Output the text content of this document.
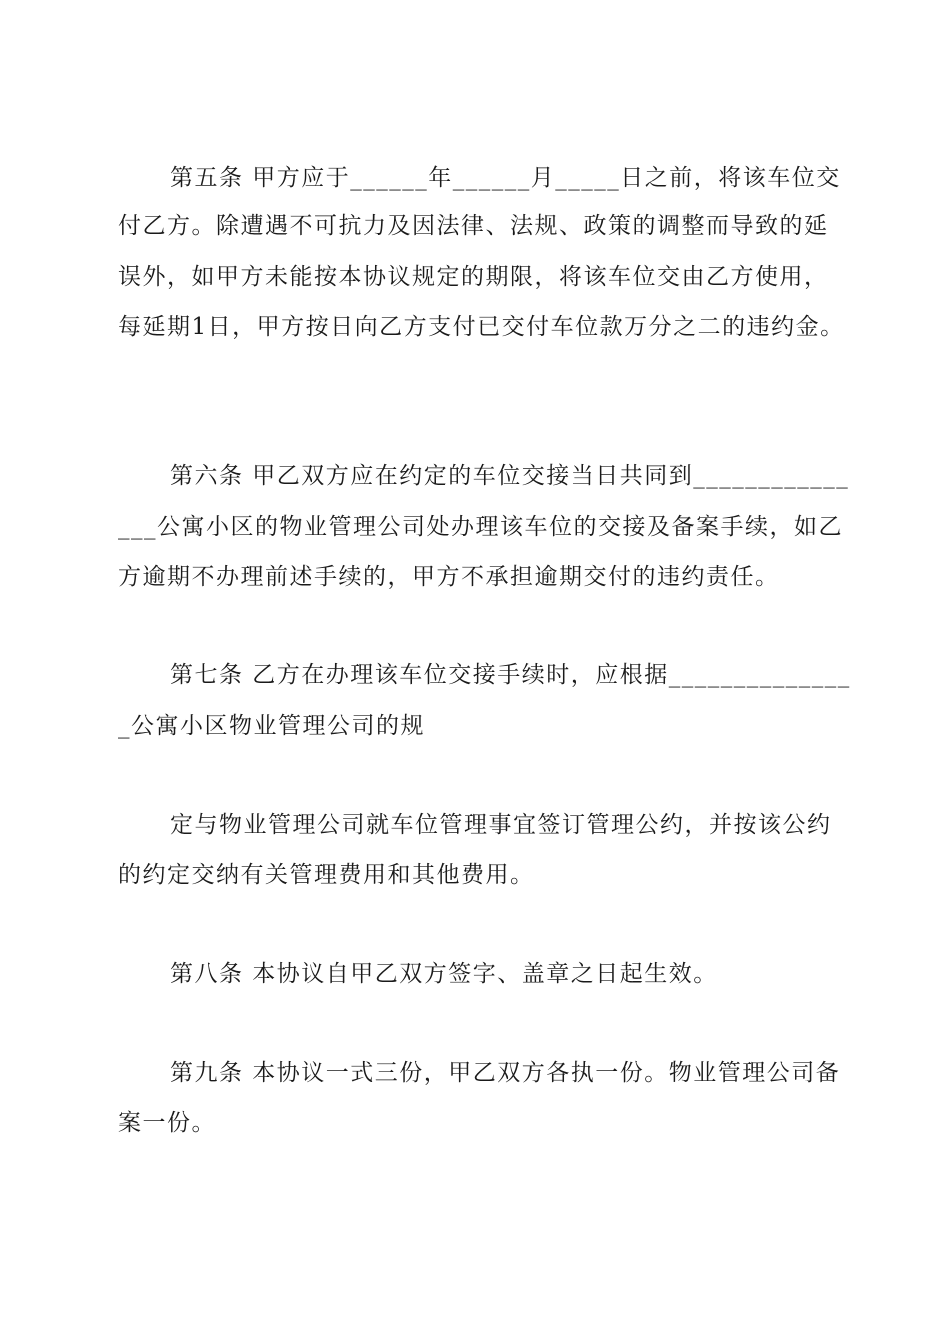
第五条 甲方应于______年______月_____日之前，将该车位交
付乙方。除遭遇不可抗力及因法律、法规、政策的调整而导致的延
误外，如甲方未能按本协议规定的期限，将该车位交由乙方使用，
每延期1日，甲方按日向乙方支付已交付车位款万分之二的违约金。
第六条 甲乙双方应在约定的车位交接当日共同到____________
___公寓小区的物业管理公司处办理该车位的交接及备案手续，如乙
方逾期不办理前述手续的，甲方不承担逾期交付的违约责任。
第七条 乙方在办理该车位交接手续时，应根据______________
_公寓小区物业管理公司的规
定与物业管理公司就车位管理事宜签订管理公约，并按该公约
的约定交纳有关管理费用和其他费用。
第八条 本协议自甲乙双方签字、盖章之日起生效。
第九条 本协议一式三份，甲乙双方各执一份。物业管理公司备
案一份。
